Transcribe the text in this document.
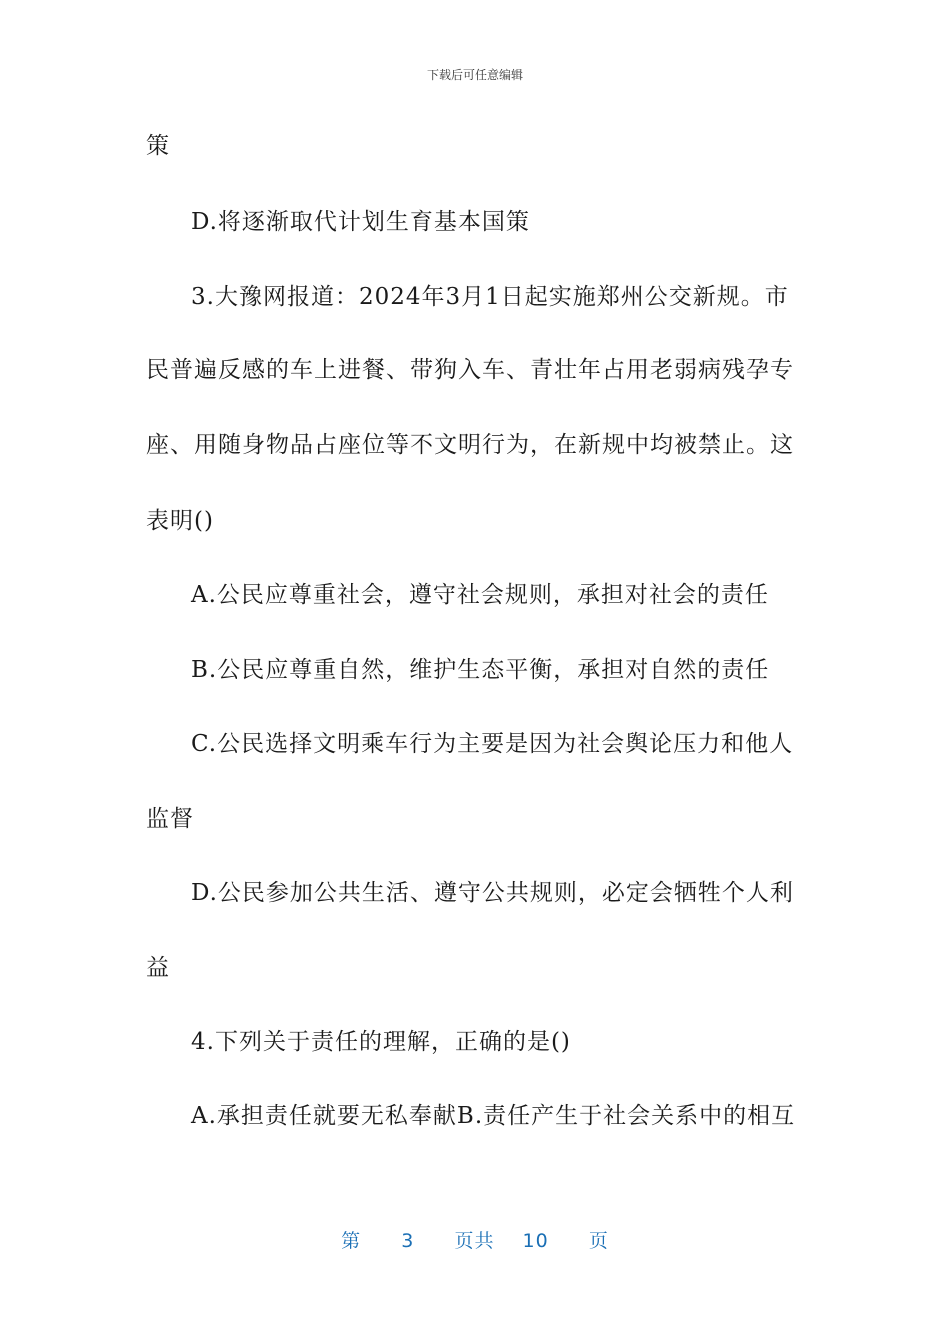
下载后可任意编辑
策
D.将逐渐取代计划生育基本国策
3.大豫网报道：2024年3月1日起实施郑州公交新规。市
民普遍反感的车上进餐、带狗入车、青壮年占用老弱病残孕专
座、用随身物品占座位等不文明行为，在新规中均被禁止。这
表明()
A.公民应尊重社会，遵守社会规则，承担对社会的责任
B.公民应尊重自然，维护生态平衡，承担对自然的责任
C.公民选择文明乘车行为主要是因为社会舆论压力和他人
监督
D.公民参加公共生活、遵守公共规则，必定会牺牲个人利
益
4.下列关于责任的理解，正确的是()
A.承担责任就要无私奉献B.责任产生于社会关系中的相互
第 3 页共 10 页
